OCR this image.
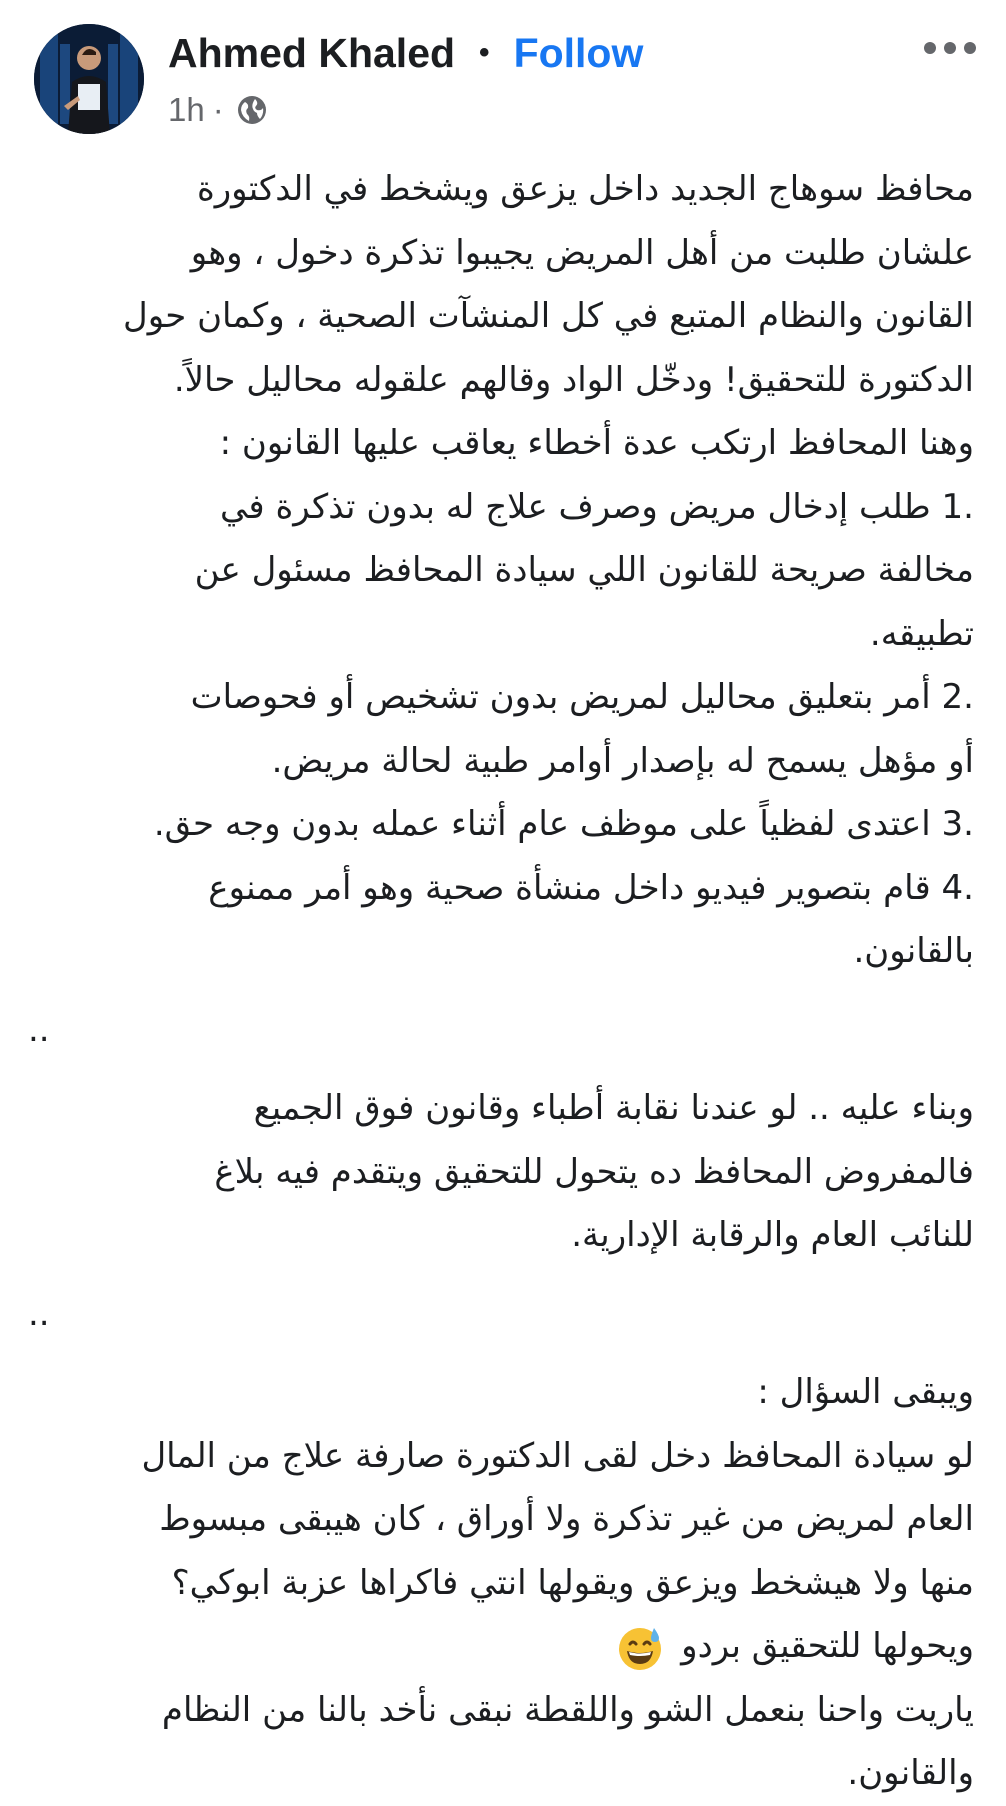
Ahmed Khaled • Follow
1h ·
محافظ سوهاج الجديد داخل يزعق ويشخط في الدكتورة
علشان طلبت من أهل المريض يجيبوا تذكرة دخول ، وهو
القانون والنظام المتبع في كل المنشآت الصحية ، وكمان حول
الدكتورة للتحقيق! ودخّل الواد وقالهم علقوله محاليل حالاً.
وهنا المحافظ ارتكب عدة أخطاء يعاقب عليها القانون :
1. طلب إدخال مريض وصرف علاج له بدون تذكرة في
مخالفة صريحة للقانون اللي سيادة المحافظ مسئول عن
تطبيقه.
2. أمر بتعليق محاليل لمريض بدون تشخيص أو فحوصات
أو مؤهل يسمح له بإصدار أوامر طبية لحالة مريض.
3. اعتدى لفظياً على موظف عام أثناء عمله بدون وجه حق.
4. قام بتصوير فيديو داخل منشأة صحية وهو أمر ممنوع
بالقانون.
..
وبناء عليه .. لو عندنا نقابة أطباء وقانون فوق الجميع
فالمفروض المحافظ ده يتحول للتحقيق ويتقدم فيه بلاغ
للنائب العام والرقابة الإدارية.
..
ويبقى السؤال :
لو سيادة المحافظ دخل لقى الدكتورة صارفة علاج من المال
العام لمريض من غير تذكرة ولا أوراق ، كان هيبقى مبسوط
منها ولا هيشخط ويزعق ويقولها انتي فاكراها عزبة ابوكي؟
ويحولها للتحقيق بردو
ياريت واحنا بنعمل الشو واللقطة نبقى نأخد بالنا من النظام
والقانون.
